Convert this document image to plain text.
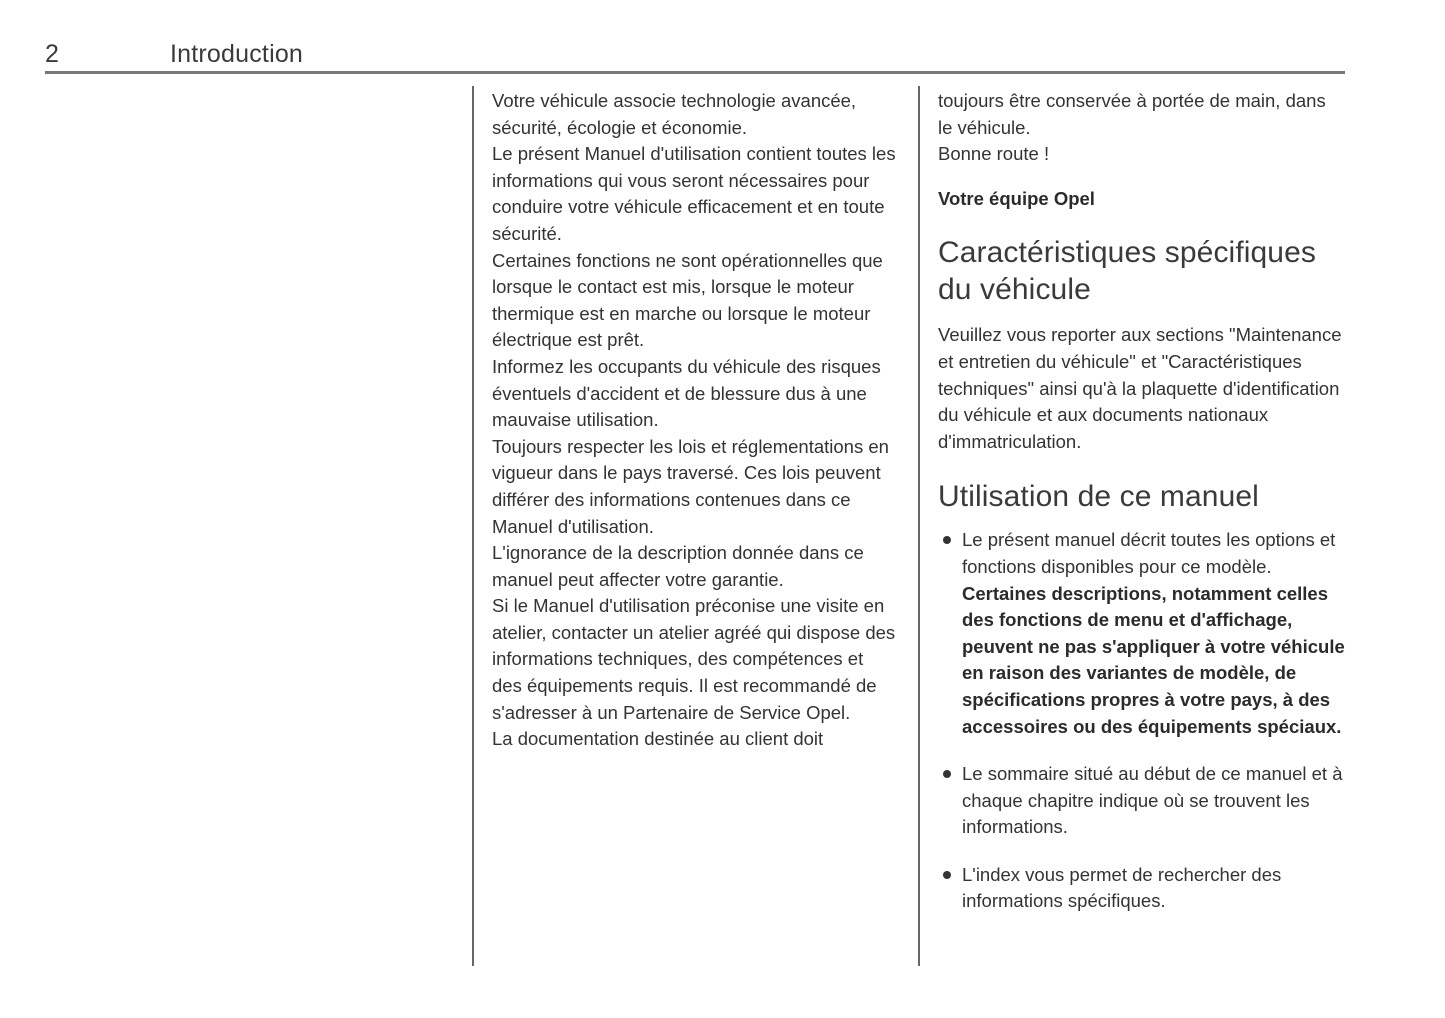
2	Introduction

Votre véhicule associe technologie avancée, sécurité, écologie et économie.

Le présent Manuel d'utilisation contient toutes les informations qui vous seront nécessaires pour conduire votre véhicule efficacement et en toute sécurité.

Certaines fonctions ne sont opérationnelles que lorsque le contact est mis, lorsque le moteur thermique est en marche ou lorsque le moteur électrique est prêt.

Informez les occupants du véhicule des risques éventuels d'accident et de blessure dus à une mauvaise utilisation.

Toujours respecter les lois et réglementations en vigueur dans le pays traversé. Ces lois peuvent différer des informations contenues dans ce Manuel d'utilisation.

L'ignorance de la description donnée dans ce manuel peut affecter votre garantie.

Si le Manuel d'utilisation préconise une visite en atelier, contacter un atelier agréé qui dispose des informations techniques, des compétences et des équipements requis. Il est recommandé de s'adresser à un Partenaire de Service Opel.

La documentation destinée au client doit

toujours être conservée à portée de main, dans le véhicule.

Bonne route !

Votre équipe Opel

Caractéristiques spécifiques du véhicule

Veuillez vous reporter aux sections "Maintenance et entretien du véhicule" et "Caractéristiques techniques" ainsi qu'à la plaquette d'identification du véhicule et aux documents nationaux d'immatriculation.

Utilisation de ce manuel
Le présent manuel décrit toutes les options et fonctions disponibles pour ce modèle. Certaines descriptions, notamment celles des fonctions de menu et d'affichage, peuvent ne pas s'appliquer à votre véhicule en raison des variantes de modèle, de spécifications propres à votre pays, à des accessoires ou des équipements spéciaux.
Le sommaire situé au début de ce manuel et à chaque chapitre indique où se trouvent les informations.
L'index vous permet de rechercher des informations spécifiques.
